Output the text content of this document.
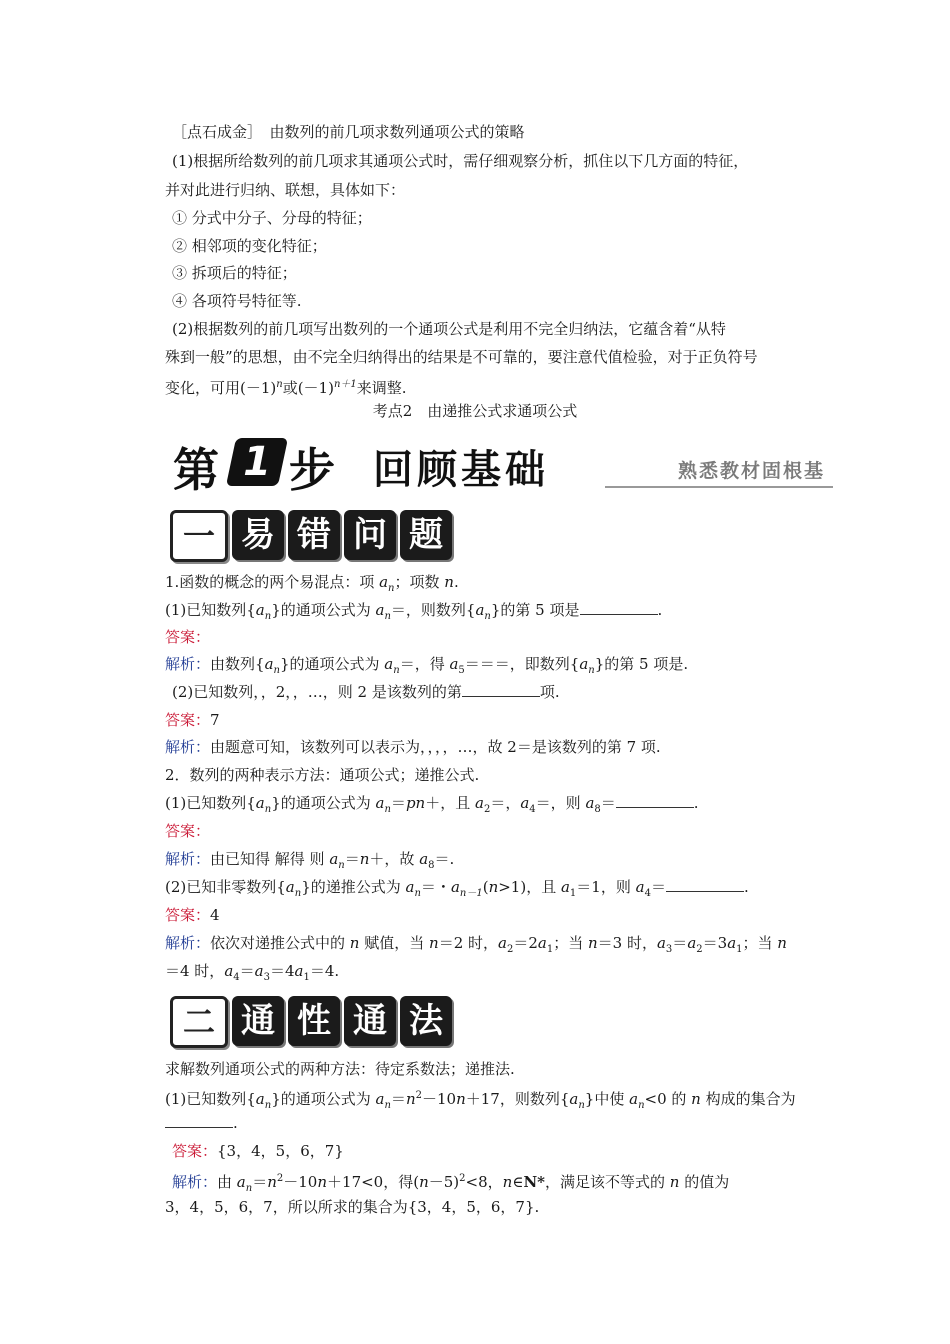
［点石成金］　由数列的前几项求数列通项公式的策略
(1)根据所给数列的前几项求其通项公式时，需仔细观察分析，抓住以下几方面的特征，
并对此进行归纳、联想，具体如下：
① 分式中分子、分母的特征；
② 相邻项的变化特征；
③ 拆项后的特征；
④ 各项符号特征等.
(2)根据数列的前几项写出数列的一个通项公式是利用不完全归纳法，它蕴含着“从特
殊到一般”的思想，由不完全归纳得出的结果是不可靠的，要注意代值检验，对于正负符号
变化，可用$(-1)^n$或$(-1)^{n+1}$来调整.
考点2　由递推公式求通项公式
第 1 步 回顾基础	熟悉教材固根基
一 易 错 问 题
1.函数的概念的两个易混点：项 $a_n$；项数 n.
(1)已知数列$\{a_n\}$的通项公式为 $a_n=$，则数列$\{a_n\}$的第 5 项是	.
答案：
解析：由数列$\{a_n\}$的通项公式为 $a_n=$，得 $a_5===$，即数列$\{a_n\}$的第 5 项是.
(2)已知数列，，2，，…，则 2 是该数列的第	项.
答案：7
解析：由题意可知，该数列可以表示为，，，，…，故 2＝是该数列的第 7 项.
2．数列的两种表示方法：通项公式；递推公式.
(1)已知数列$\{a_n\}$的通项公式为 $a_n=pn+$，且 $a_2=$，$a_4=$，则 $a_8=$	.
答案：
解析：由已知得 解得 则 $a_n=n+$，故 $a_8=$.
(2)已知非零数列$\{a_n\}$的递推公式为 $a_n=$・$a_{n-1}(n>1)$，且 $a_1=1$，则 $a_4=$	.
答案：4
解析：依次对递推公式中的 n 赋值，当 n＝2 时，$a_2=2a_1$；当 n＝3 时，$a_3=a_2=3a_1$；当 n
＝4 时，$a_4=a_3=4a_1=4$.
二 通 性 通 法
求解数列通项公式的两种方法：待定系数法；递推法.
(1)已知数列$\{a_n\}$的通项公式为 $a_n=n^2-10n+17$，则数列$\{a_n\}$中使 $a_n<0$ 的 n 构成的集合为
.
答案：{3，4，5，6，7}
解析：由 $a_n=n^2-10n+17<0$，得$(n-5)^2<8$，n∈N*，满足该不等式的 n 的值为
3，4，5，6，7，所以所求的集合为{3，4，5，6，7}.
